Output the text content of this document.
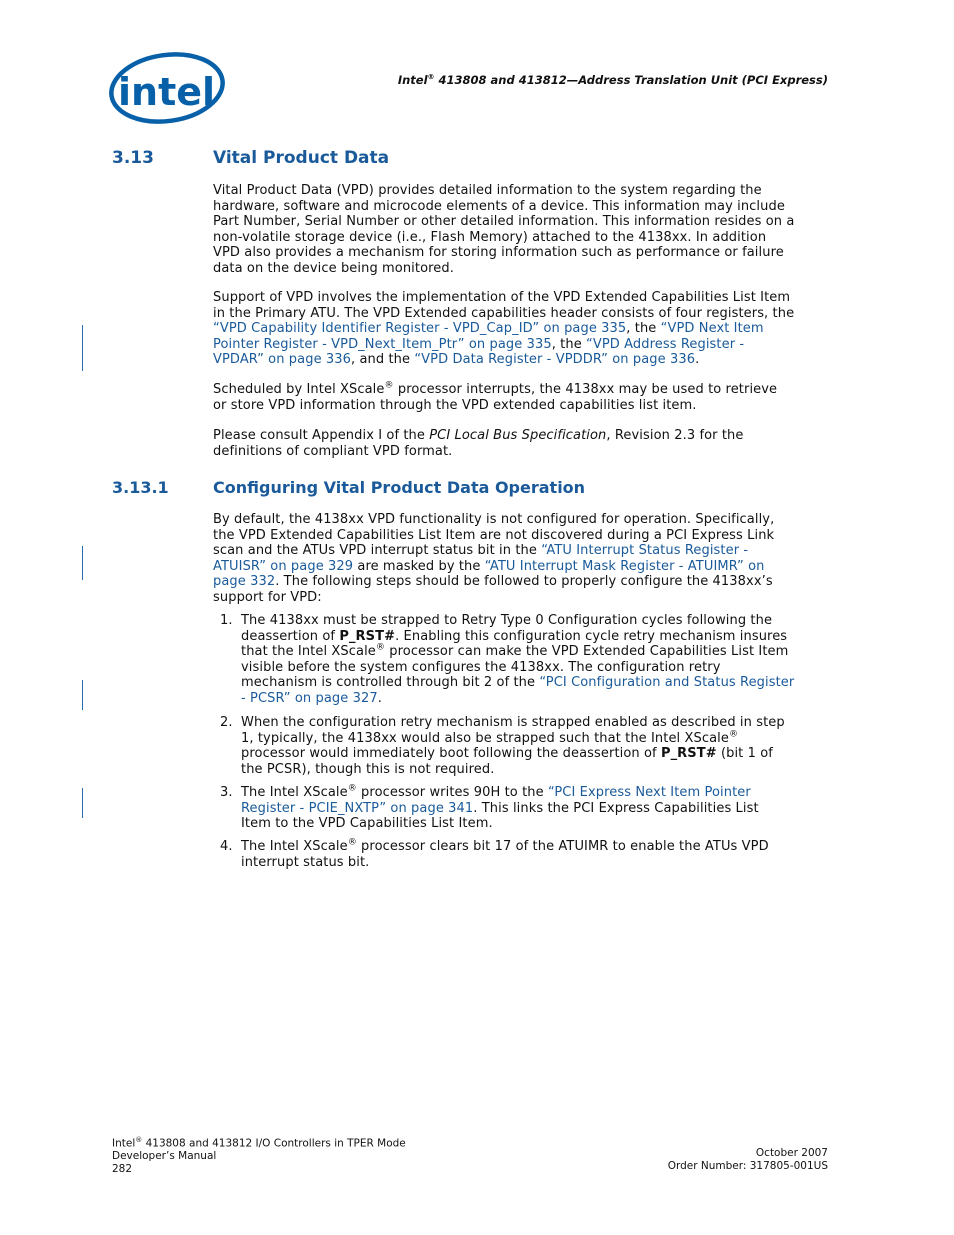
intel	Intel® 413808 and 413812—Address Translation Unit (PCI Express)
3.13	Vital Product Data
Vital Product Data (VPD) provides detailed information to the system regarding the
hardware, software and microcode elements of a device. This information may include
Part Number, Serial Number or other detailed information. This information resides on a
non-volatile storage device (i.e., Flash Memory) attached to the 4138xx. In addition
VPD also provides a mechanism for storing information such as performance or failure
data on the device being monitored.
Support of VPD involves the implementation of the VPD Extended Capabilities List Item
in the Primary ATU. The VPD Extended capabilities header consists of four registers, the
“VPD Capability Identifier Register - VPD_Cap_ID” on page 335, the “VPD Next Item
Pointer Register - VPD_Next_Item_Ptr” on page 335, the “VPD Address Register -
VPDAR” on page 336, and the “VPD Data Register - VPDDR” on page 336.
Scheduled by Intel XScale® processor interrupts, the 4138xx may be used to retrieve
or store VPD information through the VPD extended capabilities list item.
Please consult Appendix I of the PCI Local Bus Specification, Revision 2.3 for the
definitions of compliant VPD format.
3.13.1	Configuring Vital Product Data Operation
By default, the 4138xx VPD functionality is not configured for operation. Specifically,
the VPD Extended Capabilities List Item are not discovered during a PCI Express Link
scan and the ATUs VPD interrupt status bit in the “ATU Interrupt Status Register -
ATUISR” on page 329 are masked by the “ATU Interrupt Mask Register - ATUIMR” on
page 332. The following steps should be followed to properly configure the 4138xx’s
support for VPD:
1. The 4138xx must be strapped to Retry Type 0 Configuration cycles following the
deassertion of P_RST#. Enabling this configuration cycle retry mechanism insures
that the Intel XScale® processor can make the VPD Extended Capabilities List Item
visible before the system configures the 4138xx. The configuration retry
mechanism is controlled through bit 2 of the “PCI Configuration and Status Register
- PCSR” on page 327.
2. When the configuration retry mechanism is strapped enabled as described in step
1, typically, the 4138xx would also be strapped such that the Intel XScale®
processor would immediately boot following the deassertion of P_RST# (bit 1 of
the PCSR), though this is not required.
3. The Intel XScale® processor writes 90H to the “PCI Express Next Item Pointer
Register - PCIE_NXTP” on page 341. This links the PCI Express Capabilities List
Item to the VPD Capabilities List Item.
4. The Intel XScale® processor clears bit 17 of the ATUIMR to enable the ATUs VPD
interrupt status bit.
Intel® 413808 and 413812 I/O Controllers in TPER Mode
Developer’s Manual
282
October 2007
Order Number: 317805-001US
